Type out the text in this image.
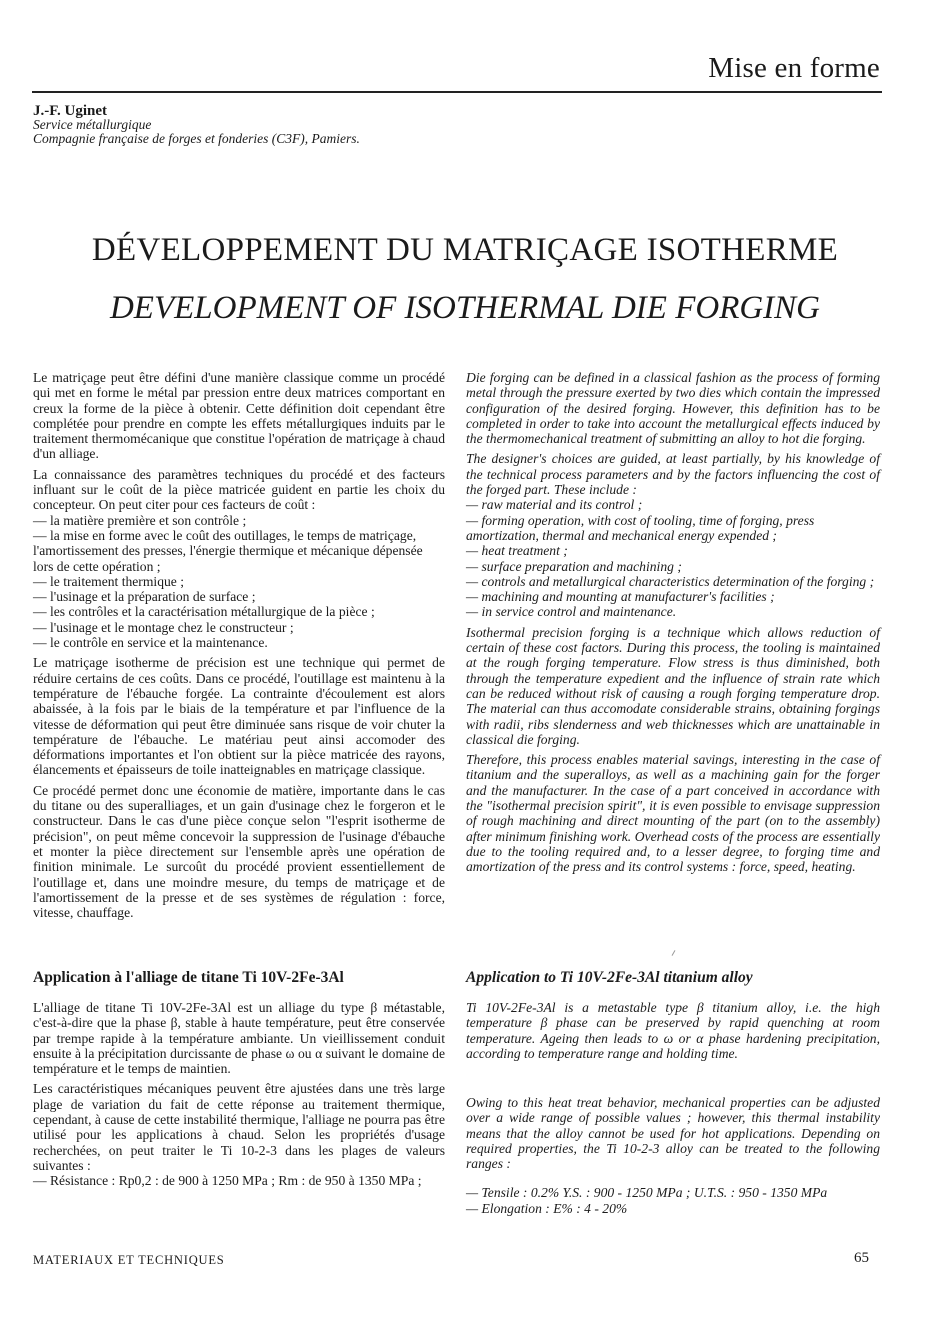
Mise en forme
J.-F. Uginet
Service métallurgique
Compagnie française de forges et fonderies (C3F), Pamiers.
DÉVELOPPEMENT DU MATRIÇAGE ISOTHERME
DEVELOPMENT OF ISOTHERMAL DIE FORGING

Le matriçage peut être défini d'une manière classique comme un procédé qui met en forme le métal par pression entre deux matrices comportant en creux la forme de la pièce à obtenir. Cette définition doit cependant être complétée pour prendre en compte les effets métallurgiques induits par le traitement thermomécanique que constitue l'opération de matriçage à chaud d'un alliage.

La connaissance des paramètres techniques du procédé et des facteurs influant sur le coût de la pièce matricée guident en partie les choix du concepteur. On peut citer pour ces facteurs de coût :

— la matière première et son contrôle ;
— la mise en forme avec le coût des outillages, le temps de matriçage, l'amortissement des presses, l'énergie thermique et mécanique dépensée lors de cette opération ;
— le traitement thermique ;
— l'usinage et la préparation de surface ;
— les contrôles et la caractérisation métallurgique de la pièce ;
— l'usinage et le montage chez le constructeur ;
— le contrôle en service et la maintenance.

Le matriçage isotherme de précision est une technique qui permet de réduire certains de ces coûts. Dans ce procédé, l'outillage est maintenu à la température de l'ébauche forgée. La contrainte d'écoulement est alors abaissée, à la fois par le biais de la température et par l'influence de la vitesse de déformation qui peut être diminuée sans risque de voir chuter la température de l'ébauche. Le matériau peut ainsi accomoder des déformations importantes et l'on obtient sur la pièce matricée des rayons, élancements et épaisseurs de toile inatteignables en matriçage classique.

Ce procédé permet donc une économie de matière, importante dans le cas du titane ou des superalliages, et un gain d'usinage chez le forgeron et le constructeur. Dans le cas d'une pièce conçue selon "l'esprit isotherme de précision", on peut même concevoir la suppression de l'usinage d'ébauche et monter la pièce directement sur l'ensemble après une opération de finition minimale. Le surcoût du procédé provient essentiellement de l'outillage et, dans une moindre mesure, du temps de matriçage et de l'amortissement de la presse et de ses systèmes de régulation : force, vitesse, chauffage.

Die forging can be defined in a classical fashion as the process of forming metal through the pressure exerted by two dies which contain the impressed configuration of the desired forging. However, this definition has to be completed in order to take into account the metallurgical effects induced by the thermomechanical treatment of submitting an alloy to hot die forging.

The designer's choices are guided, at least partially, by his knowledge of the technical process parameters and by the factors influencing the cost of the forged part. These include :

— raw material and its control ;
— forming operation, with cost of tooling, time of forging, press amortization, thermal and mechanical energy expended ;
— heat treatment ;
— surface preparation and machining ;
— controls and metallurgical characteristics determination of the forging ;
— machining and mounting at manufacturer's facilities ;
— in service control and maintenance.

Isothermal precision forging is a technique which allows reduction of certain of these cost factors. During this process, the tooling is maintained at the rough forging temperature. Flow stress is thus diminished, both through the temperature expedient and the influence of strain rate which can be reduced without risk of causing a rough forging temperature drop. The material can thus accomodate considerable strains, obtaining forgings with radii, ribs slenderness and web thicknesses which are unattainable in classical die forging.

Therefore, this process enables material savings, interesting in the case of titanium and the superalloys, as well as a machining gain for the forger and the manufacturer. In the case of a part conceived in accordance with the "isothermal precision spirit", it is even possible to envisage suppression of rough machining and direct mounting of the part (on to the assembly) after minimum finishing work. Overhead costs of the process are essentially due to the tooling required and, to a lesser degree, to forging time and amortization of the press and its control systems : force, speed, heating.

Application à l'alliage de titane Ti 10V-2Fe-3Al	Application to Ti 10V-2Fe-3Al titanium alloy

L'alliage de titane Ti 10V-2Fe-3Al est un alliage du type β métastable, c'est-à-dire que la phase β, stable à haute température, peut être conservée par trempe rapide à la température ambiante. Un vieillissement conduit ensuite à la précipitation durcissante de phase ω ou α suivant le domaine de température et le temps de maintien.

Les caractéristiques mécaniques peuvent être ajustées dans une très large plage de variation du fait de cette réponse au traitement thermique, cependant, à cause de cette instabilité thermique, l'alliage ne pourra pas être utilisé pour les applications à chaud. Selon les propriétés d'usage recherchées, on peut traiter le Ti 10-2-3 dans les plages de valeurs suivantes :

— Résistance : Rp0,2 : de 900 à 1250 MPa ; Rm : de 950 à 1350 MPa ;

Ti 10V-2Fe-3Al is a metastable type β titanium alloy, i.e. the high temperature β phase can be preserved by rapid quenching at room temperature. Ageing then leads to ω or α phase hardening precipitation, according to temperature range and holding time.

Owing to this heat treat behavior, mechanical properties can be adjusted over a wide range of possible values ; however, this thermal instability means that the alloy cannot be used for hot applications. Depending on required properties, the Ti 10-2-3 alloy can be treated to the following ranges :

— Tensile : 0.2% Y.S. : 900 - 1250 MPa ; U.T.S. : 950 - 1350 MPa
— Elongation : E% : 4 - 20%
MATERIAUX ET TECHNIQUES	65
